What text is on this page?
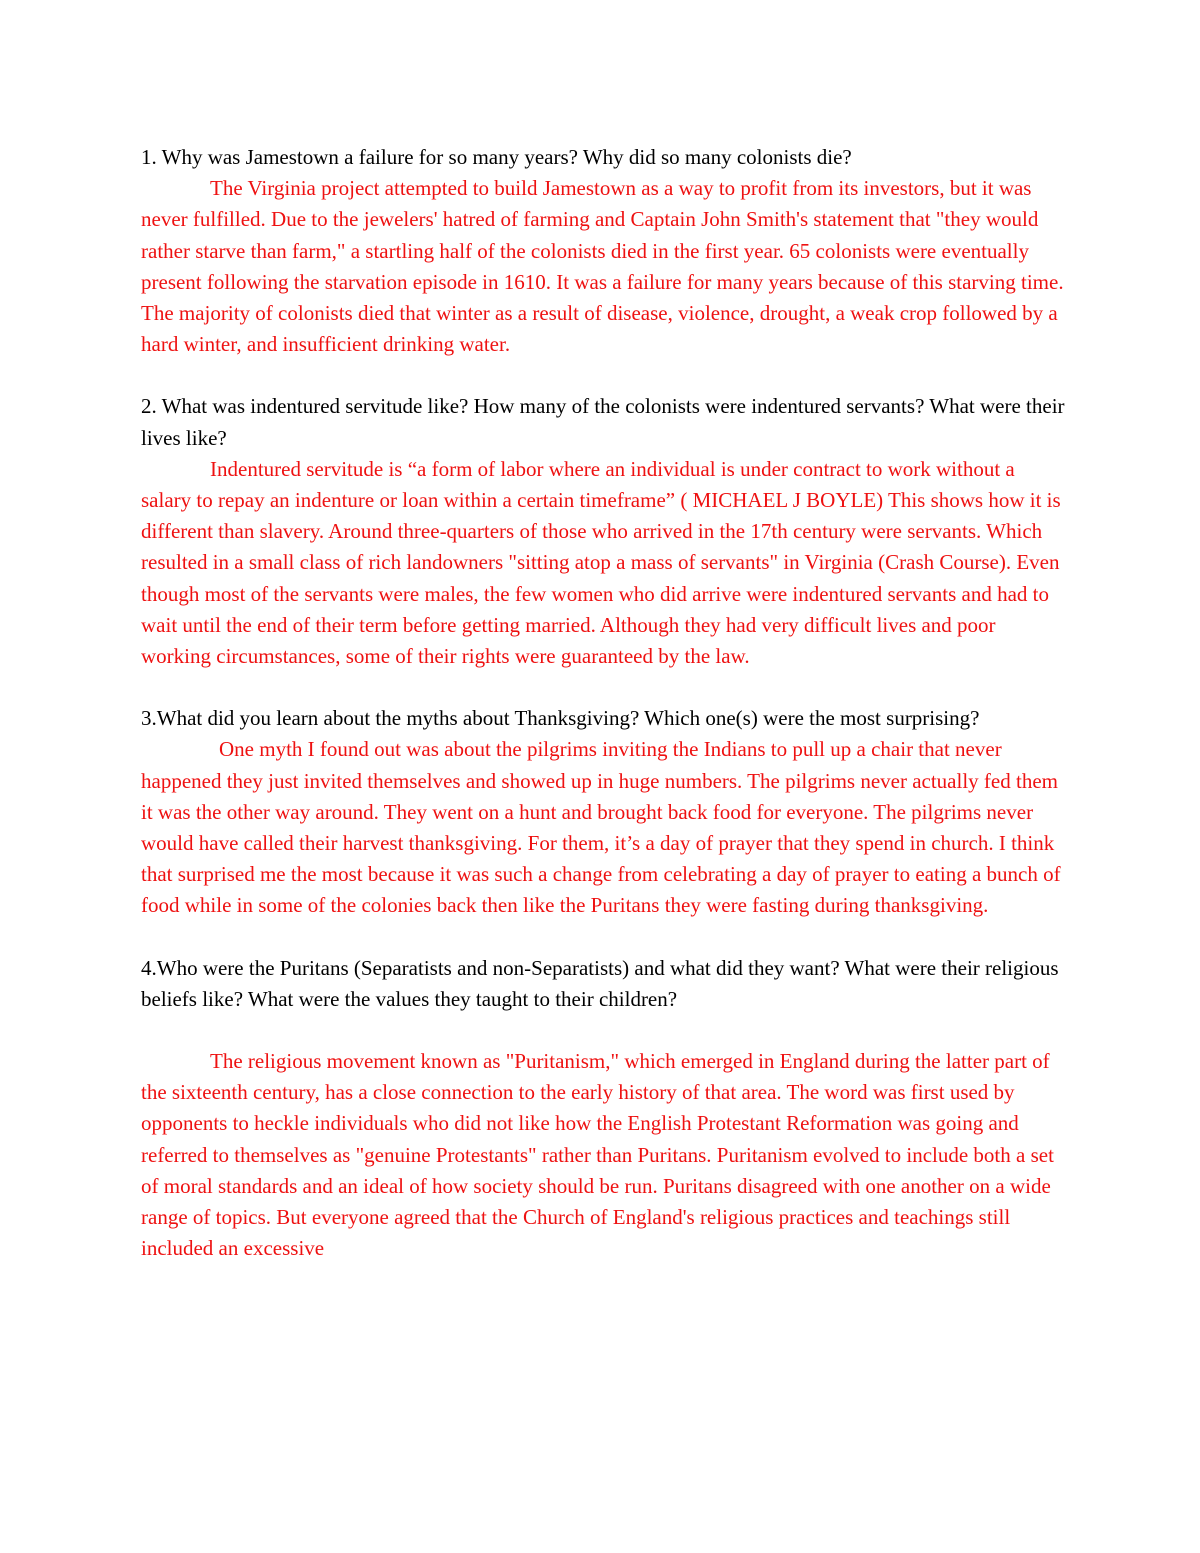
1. Why was Jamestown a failure for so many years? Why did so many colonists die?

The Virginia project attempted to build Jamestown as a way to profit from its investors, but it was never fulfilled. Due to the jewelers' hatred of farming and Captain John Smith's statement that "they would rather starve than farm," a startling half of the colonists died in the first year. 65 colonists were eventually present following the starvation episode in 1610. It was a failure for many years because of this starving time. The majority of colonists died that winter as a result of disease, violence, drought, a weak crop followed by a hard winter, and insufficient drinking water.

2. What was indentured servitude like? How many of the colonists were indentured servants? What were their lives like?

Indentured servitude is “a form of labor where an individual is under contract to work without a salary to repay an indenture or loan within a certain timeframe” ( MICHAEL J BOYLE) This shows how it is different than slavery. Around three-quarters of those who arrived in the 17th century were servants. Which resulted in a small class of rich landowners "sitting atop a mass of servants" in Virginia (Crash Course). Even though most of the servants were males, the few women who did arrive were indentured servants and had to wait until the end of their term before getting married. Although they had very difficult lives and poor working circumstances, some of their rights were guaranteed by the law.

3.What did you learn about the myths about Thanksgiving? Which one(s) were the most surprising?

One myth I found out was about the pilgrims inviting the Indians to pull up a chair that never happened they just invited themselves and showed up in huge numbers. The pilgrims never actually fed them it was the other way around. They went on a hunt and brought back food for everyone. The pilgrims never would have called their harvest thanksgiving. For them, it’s a day of prayer that they spend in church. I think that surprised me the most because it was such a change from celebrating a day of prayer to eating a bunch of food while in some of the colonies back then like the Puritans they were fasting during thanksgiving.

4.Who were the Puritans (Separatists and non-Separatists) and what did they want? What were their religious beliefs like? What were the values they taught to their children?

The religious movement known as "Puritanism," which emerged in England during the latter part of the sixteenth century, has a close connection to the early history of that area. The word was first used by opponents to heckle individuals who did not like how the English Protestant Reformation was going and referred to themselves as "genuine Protestants" rather than Puritans. Puritanism evolved to include both a set of moral standards and an ideal of how society should be run. Puritans disagreed with one another on a wide range of topics. But everyone agreed that the Church of England's religious practices and teachings still included an excessive
